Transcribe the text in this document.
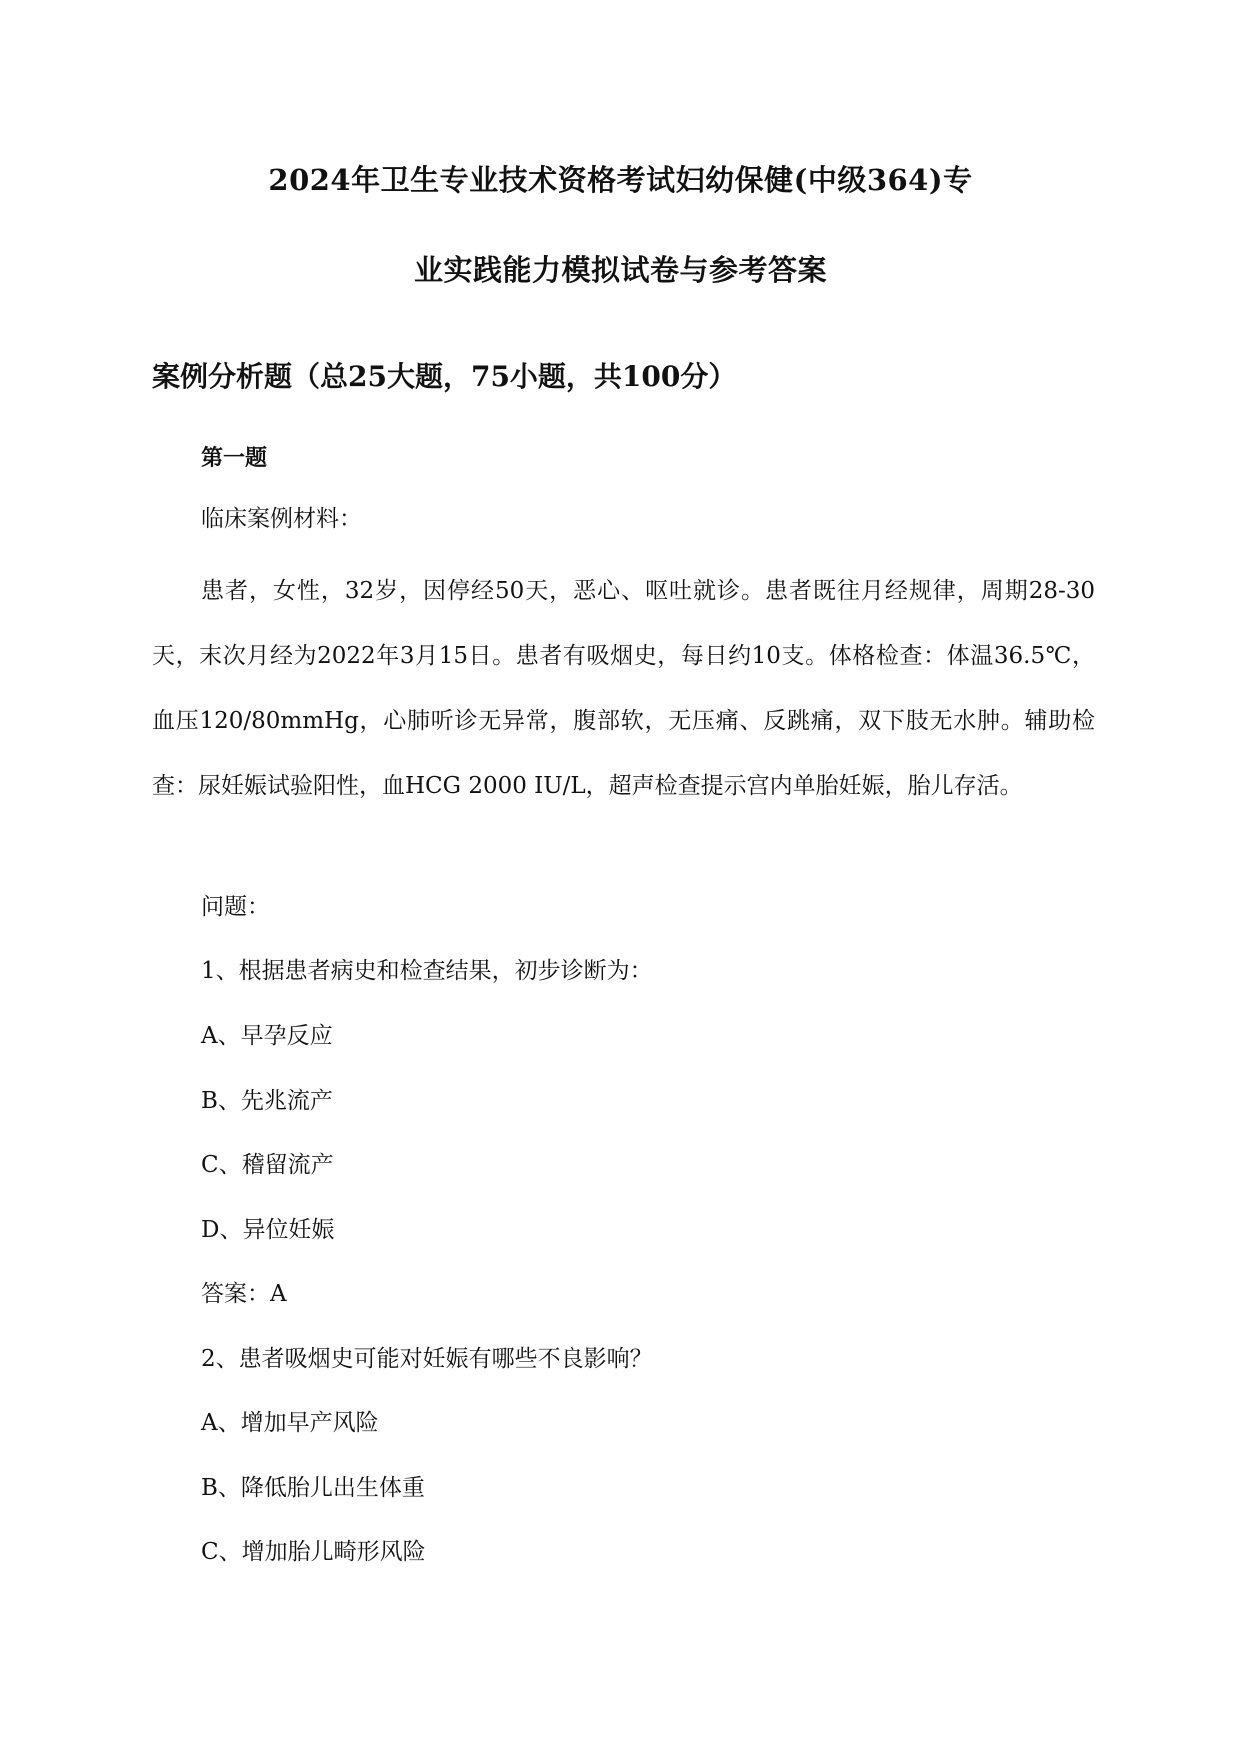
2024年卫生专业技术资格考试妇幼保健(中级364)专
业实践能力模拟试卷与参考答案
案例分析题（总25大题，75小题，共100分）
第一题
临床案例材料：

患者，女性，32岁，因停经50天，恶心、呕吐就诊。患者既往月经规律，周期28-30天，末次月经为2022年3月15日。患者有吸烟史，每日约10支。体格检查：体温36.5℃，血压120/80mmHg，心肺听诊无异常，腹部软，无压痛、反跳痛，双下肢无水肿。辅助检查：尿妊娠试验阳性，血HCG 2000 IU/L，超声检查提示宫内单胎妊娠，胎儿存活。

问题：
1、根据患者病史和检查结果，初步诊断为：
A、早孕反应
B、先兆流产
C、稽留流产
D、异位妊娠
答案：A
2、患者吸烟史可能对妊娠有哪些不良影响？
A、增加早产风险
B、降低胎儿出生体重
C、增加胎儿畸形风险
